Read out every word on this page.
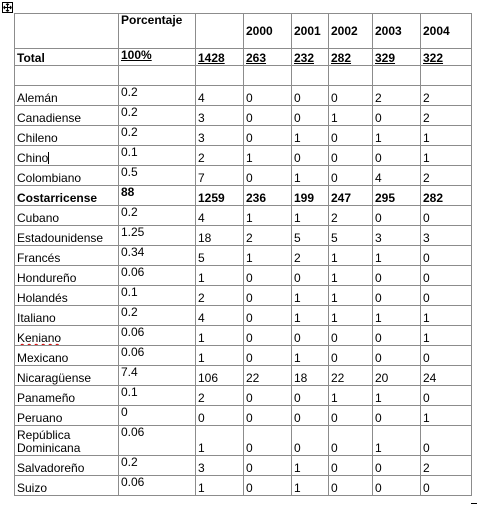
	Porcentaje		2000	2001	2002	2003	2004
Total	100%	1428	263	232	282	329	322

Alemán	0.2	4	0	0	0	2	2
Canadiense	0.2	3	0	0	1	0	2
Chileno	0.2	3	0	1	0	1	1
Chino	0.1	2	1	0	0	0	1
Colombiano	0.5	7	0	1	0	4	2
Costarricense	88	1259	236	199	247	295	282
Cubano	0.2	4	1	1	2	0	0
Estadounidense	1.25	18	2	5	5	3	3
Francés	0.34	5	1	2	1	1	0
Hondureño	0.06	1	0	0	1	0	0
Holandés	0.1	2	0	1	1	0	0
Italiano	0.2	4	0	1	1	1	1
Keniano	0.06	1	0	0	0	0	1
Mexicano	0.06	1	0	1	0	0	0
Nicaragüense	7.4	106	22	18	22	20	24
Panameño	0.1	2	0	0	1	1	0
Peruano	0	0	0	0	0	0	1
República Dominicana	0.06	1	0	0	0	1	0
Salvadoreño	0.2	3	0	1	0	0	2
Suizo	0.06	1	0	1	0	0	0
